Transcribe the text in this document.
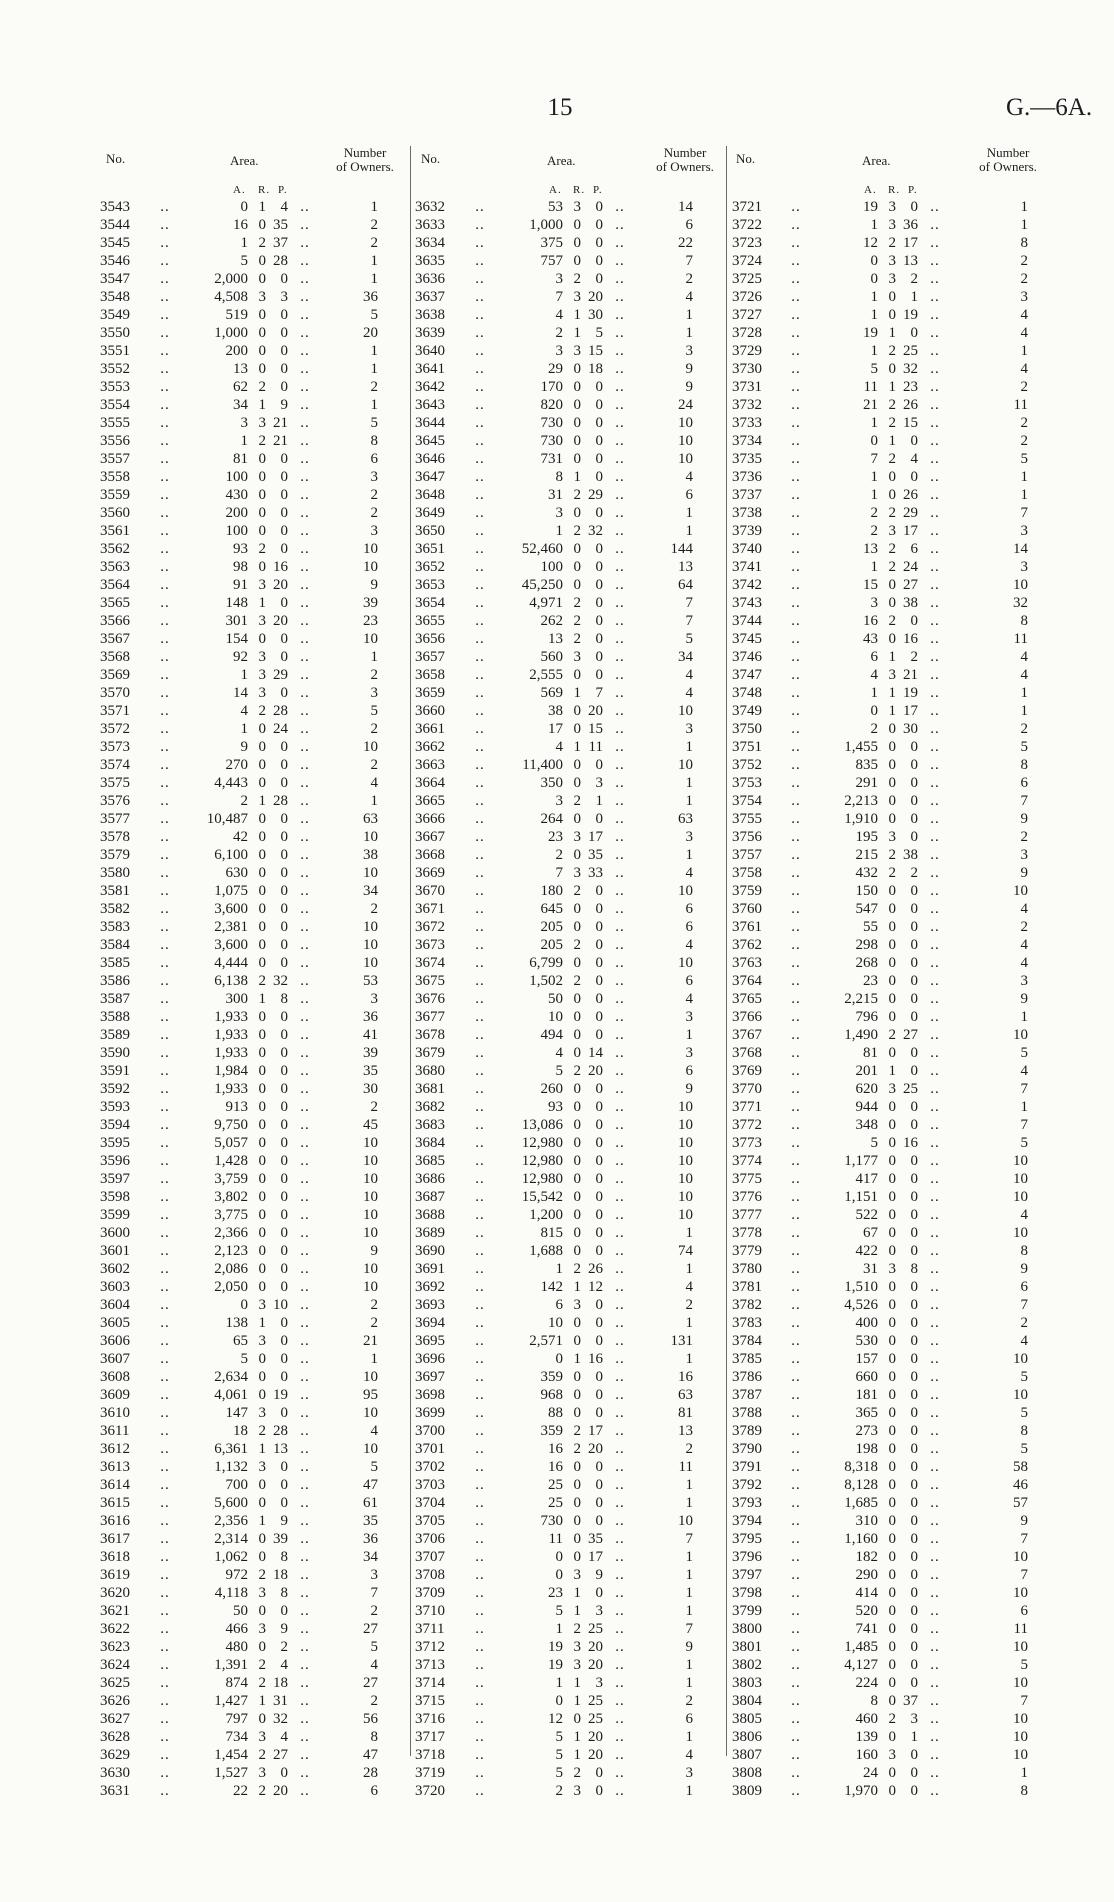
15	G.—6A.
No.	Area.
Number
of Owners.
A. R. P.
3543	..	0	1	4	..	1
3544	..	16	0	35	..	2
3545	..	1	2	37	..	2
3546	..	5	0	28	..	1
3547	..	2,000	0	0	..	1
3548	..	4,508	3	3	..	36
3549	..	519	0	0	..	5
3550	..	1,000	0	0	..	20
3551	..	200	0	0	..	1
3552	..	13	0	0	..	1
3553	..	62	2	0	..	2
3554	..	34	1	9	..	1
3555	..	3	3	21	..	5
3556	..	1	2	21	..	8
3557	..	81	0	0	..	6
3558	..	100	0	0	..	3
3559	..	430	0	0	..	2
3560	..	200	0	0	..	2
3561	..	100	0	0	..	3
3562	..	93	2	0	..	10
3563	..	98	0	16	..	10
3564	..	91	3	20	..	9
3565	..	148	1	0	..	39
3566	..	301	3	20	..	23
3567	..	154	0	0	..	10
3568	..	92	3	0	..	1
3569	..	1	3	29	..	2
3570	..	14	3	0	..	3
3571	..	4	2	28	..	5
3572	..	1	0	24	..	2
3573	..	9	0	0	..	10
3574	..	270	0	0	..	2
3575	..	4,443	0	0	..	4
3576	..	2	1	28	..	1
3577	..	10,487	0	0	..	63
3578	..	42	0	0	..	10
3579	..	6,100	0	0	..	38
3580	..	630	0	0	..	10
3581	..	1,075	0	0	..	34
3582	..	3,600	0	0	..	2
3583	..	2,381	0	0	..	10
3584	..	3,600	0	0	..	10
3585	..	4,444	0	0	..	10
3586	..	6,138	2	32	..	53
3587	..	300	1	8	..	3
3588	..	1,933	0	0	..	36
3589	..	1,933	0	0	..	41
3590	..	1,933	0	0	..	39
3591	..	1,984	0	0	..	35
3592	..	1,933	0	0	..	30
3593	..	913	0	0	..	2
3594	..	9,750	0	0	..	45
3595	..	5,057	0	0	..	10
3596	..	1,428	0	0	..	10
3597	..	3,759	0	0	..	10
3598	..	3,802	0	0	..	10
3599	..	3,775	0	0	..	10
3600	..	2,366	0	0	..	10
3601	..	2,123	0	0	..	9
3602	..	2,086	0	0	..	10
3603	..	2,050	0	0	..	10
3604	..	0	3	10	..	2
3605	..	138	1	0	..	2
3606	..	65	3	0	..	21
3607	..	5	0	0	..	1
3608	..	2,634	0	0	..	10
3609	..	4,061	0	19	..	95
3610	..	147	3	0	..	10
3611	..	18	2	28	..	4
3612	..	6,361	1	13	..	10
3613	..	1,132	3	0	..	5
3614	..	700	0	0	..	47
3615	..	5,600	0	0	..	61
3616	..	2,356	1	9	..	35
3617	..	2,314	0	39	..	36
3618	..	1,062	0	8	..	34
3619	..	972	2	18	..	3
3620	..	4,118	3	8	..	7
3621	..	50	0	0	..	2
3622	..	466	3	9	..	27
3623	..	480	0	2	..	5
3624	..	1,391	2	4	..	4
3625	..	874	2	18	..	27
3626	..	1,427	1	31	..	2
3627	..	797	0	32	..	56
3628	..	734	3	4	..	8
3629	..	1,454	2	27	..	47
3630	..	1,527	3	0	..	28
3631	..	22	2	20	..	6
No.	Area.
Number
of Owners.
A. R. P.
3632	..	53	3	0	..	14
3633	..	1,000	0	0	..	6
3634	..	375	0	0	..	22
3635	..	757	0	0	..	7
3636	..	3	2	0	..	2
3637	..	7	3	20	..	4
3638	..	4	1	30	..	1
3639	..	2	1	5	..	1
3640	..	3	3	15	..	3
3641	..	29	0	18	..	9
3642	..	170	0	0	..	9
3643	..	820	0	0	..	24
3644	..	730	0	0	..	10
3645	..	730	0	0	..	10
3646	..	731	0	0	..	10
3647	..	8	1	0	..	4
3648	..	31	2	29	..	6
3649	..	3	0	0	..	1
3650	..	1	2	32	..	1
3651	..	52,460	0	0	..	144
3652	..	100	0	0	..	13
3653	..	45,250	0	0	..	64
3654	..	4,971	2	0	..	7
3655	..	262	2	0	..	7
3656	..	13	2	0	..	5
3657	..	560	3	0	..	34
3658	..	2,555	0	0	..	4
3659	..	569	1	7	..	4
3660	..	38	0	20	..	10
3661	..	17	0	15	..	3
3662	..	4	1	11	..	1
3663	..	11,400	0	0	..	10
3664	..	350	0	3	..	1
3665	..	3	2	1	..	1
3666	..	264	0	0	..	63
3667	..	23	3	17	..	3
3668	..	2	0	35	..	1
3669	..	7	3	33	..	4
3670	..	180	2	0	..	10
3671	..	645	0	0	..	6
3672	..	205	0	0	..	6
3673	..	205	2	0	..	4
3674	..	6,799	0	0	..	10
3675	..	1,502	2	0	..	6
3676	..	50	0	0	..	4
3677	..	10	0	0	..	3
3678	..	494	0	0	..	1
3679	..	4	0	14	..	3
3680	..	5	2	20	..	6
3681	..	260	0	0	..	9
3682	..	93	0	0	..	10
3683	..	13,086	0	0	..	10
3684	..	12,980	0	0	..	10
3685	..	12,980	0	0	..	10
3686	..	12,980	0	0	..	10
3687	..	15,542	0	0	..	10
3688	..	1,200	0	0	..	10
3689	..	815	0	0	..	1
3690	..	1,688	0	0	..	74
3691	..	1	2	26	..	1
3692	..	142	1	12	..	4
3693	..	6	3	0	..	2
3694	..	10	0	0	..	1
3695	..	2,571	0	0	..	131
3696	..	0	1	16	..	1
3697	..	359	0	0	..	16
3698	..	968	0	0	..	63
3699	..	88	0	0	..	81
3700	..	359	2	17	..	13
3701	..	16	2	20	..	2
3702	..	16	0	0	..	11
3703	..	25	0	0	..	1
3704	..	25	0	0	..	1
3705	..	730	0	0	..	10
3706	..	11	0	35	..	7
3707	..	0	0	17	..	1
3708	..	0	3	9	..	1
3709	..	23	1	0	..	1
3710	..	5	1	3	..	1
3711	..	1	2	25	..	7
3712	..	19	3	20	..	9
3713	..	19	3	20	..	1
3714	..	1	1	3	..	1
3715	..	0	1	25	..	2
3716	..	12	0	25	..	6
3717	..	5	1	20	..	1
3718	..	5	1	20	..	4
3719	..	5	2	0	..	3
3720	..	2	3	0	..	1
No.	Area.
Number
of Owners.
A. R. P.
3721	..	19	3	0	..	1
3722	..	1	3	36	..	1
3723	..	12	2	17	..	8
3724	..	0	3	13	..	2
3725	..	0	3	2	..	2
3726	..	1	0	1	..	3
3727	..	1	0	19	..	4
3728	..	19	1	0	..	4
3729	..	1	2	25	..	1
3730	..	5	0	32	..	4
3731	..	11	1	23	..	2
3732	..	21	2	26	..	11
3733	..	1	2	15	..	2
3734	..	0	1	0	..	2
3735	..	7	2	4	..	5
3736	..	1	0	0	..	1
3737	..	1	0	26	..	1
3738	..	2	2	29	..	7
3739	..	2	3	17	..	3
3740	..	13	2	6	..	14
3741	..	1	2	24	..	3
3742	..	15	0	27	..	10
3743	..	3	0	38	..	32
3744	..	16	2	0	..	8
3745	..	43	0	16	..	11
3746	..	6	1	2	..	4
3747	..	4	3	21	..	4
3748	..	1	1	19	..	1
3749	..	0	1	17	..	1
3750	..	2	0	30	..	2
3751	..	1,455	0	0	..	5
3752	..	835	0	0	..	8
3753	..	291	0	0	..	6
3754	..	2,213	0	0	..	7
3755	..	1,910	0	0	..	9
3756	..	195	3	0	..	2
3757	..	215	2	38	..	3
3758	..	432	2	2	..	9
3759	..	150	0	0	..	10
3760	..	547	0	0	..	4
3761	..	55	0	0	..	2
3762	..	298	0	0	..	4
3763	..	268	0	0	..	4
3764	..	23	0	0	..	3
3765	..	2,215	0	0	..	9
3766	..	796	0	0	..	1
3767	..	1,490	2	27	..	10
3768	..	81	0	0	..	5
3769	..	201	1	0	..	4
3770	..	620	3	25	..	7
3771	..	944	0	0	..	1
3772	..	348	0	0	..	7
3773	..	5	0	16	..	5
3774	..	1,177	0	0	..	10
3775	..	417	0	0	..	10
3776	..	1,151	0	0	..	10
3777	..	522	0	0	..	4
3778	..	67	0	0	..	10
3779	..	422	0	0	..	8
3780	..	31	3	8	..	9
3781	..	1,510	0	0	..	6
3782	..	4,526	0	0	..	7
3783	..	400	0	0	..	2
3784	..	530	0	0	..	4
3785	..	157	0	0	..	10
3786	..	660	0	0	..	5
3787	..	181	0	0	..	10
3788	..	365	0	0	..	5
3789	..	273	0	0	..	8
3790	..	198	0	0	..	5
3791	..	8,318	0	0	..	58
3792	..	8,128	0	0	..	46
3793	..	1,685	0	0	..	57
3794	..	310	0	0	..	9
3795	..	1,160	0	0	..	7
3796	..	182	0	0	..	10
3797	..	290	0	0	..	7
3798	..	414	0	0	..	10
3799	..	520	0	0	..	6
3800	..	741	0	0	..	11
3801	..	1,485	0	0	..	10
3802	..	4,127	0	0	..	5
3803	..	224	0	0	..	10
3804	..	8	0	37	..	7
3805	..	460	2	3	..	10
3806	..	139	0	1	..	10
3807	..	160	3	0	..	10
3808	..	24	0	0	..	1
3809	..	1,970	0	0	..	8
